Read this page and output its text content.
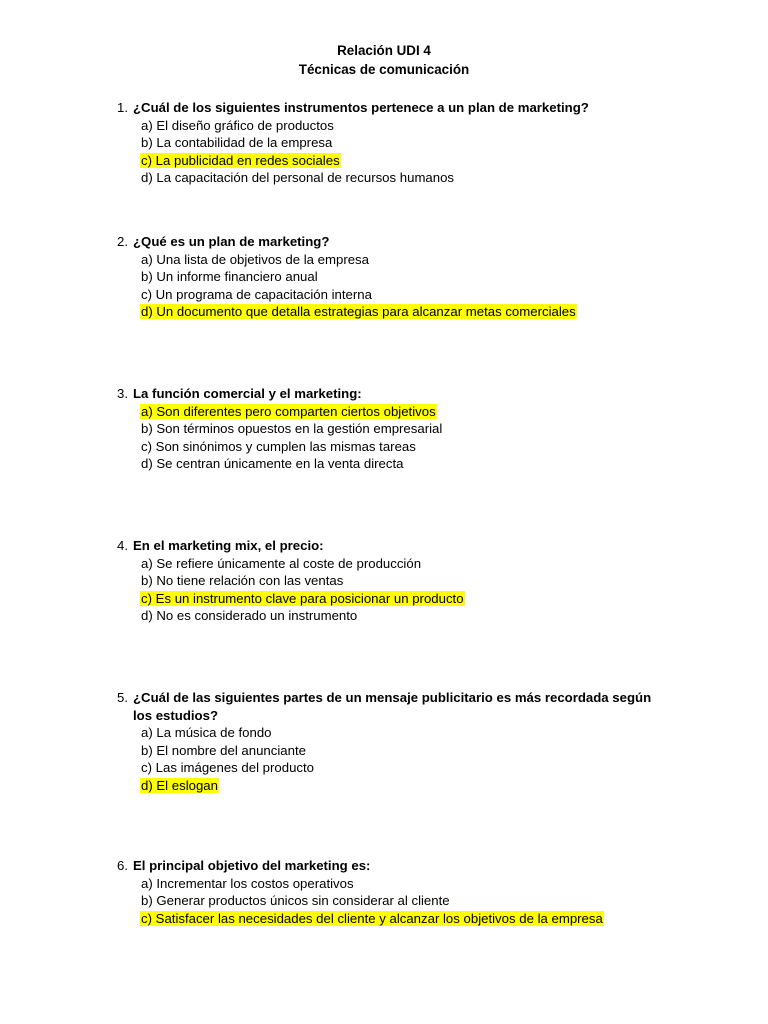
Relación UDI 4
Técnicas de comunicación
1. ¿Cuál de los siguientes instrumentos pertenece a un plan de marketing?
a) El diseño gráfico de productos
b) La contabilidad de la empresa
c) La publicidad en redes sociales
d) La capacitación del personal de recursos humanos
2. ¿Qué es un plan de marketing?
a) Una lista de objetivos de la empresa
b) Un informe financiero anual
c) Un programa de capacitación interna
d) Un documento que detalla estrategias para alcanzar metas comerciales
3. La función comercial y el marketing:
a) Son diferentes pero comparten ciertos objetivos
b) Son términos opuestos en la gestión empresarial
c) Son sinónimos y cumplen las mismas tareas
d) Se centran únicamente en la venta directa
4. En el marketing mix, el precio:
a) Se refiere únicamente al coste de producción
b) No tiene relación con las ventas
c) Es un instrumento clave para posicionar un producto
d) No es considerado un instrumento
5. ¿Cuál de las siguientes partes de un mensaje publicitario es más recordada según los estudios?
a) La música de fondo
b) El nombre del anunciante
c) Las imágenes del producto
d) El eslogan
6. El principal objetivo del marketing es:
a) Incrementar los costos operativos
b) Generar productos únicos sin considerar al cliente
c) Satisfacer las necesidades del cliente y alcanzar los objetivos de la empresa
